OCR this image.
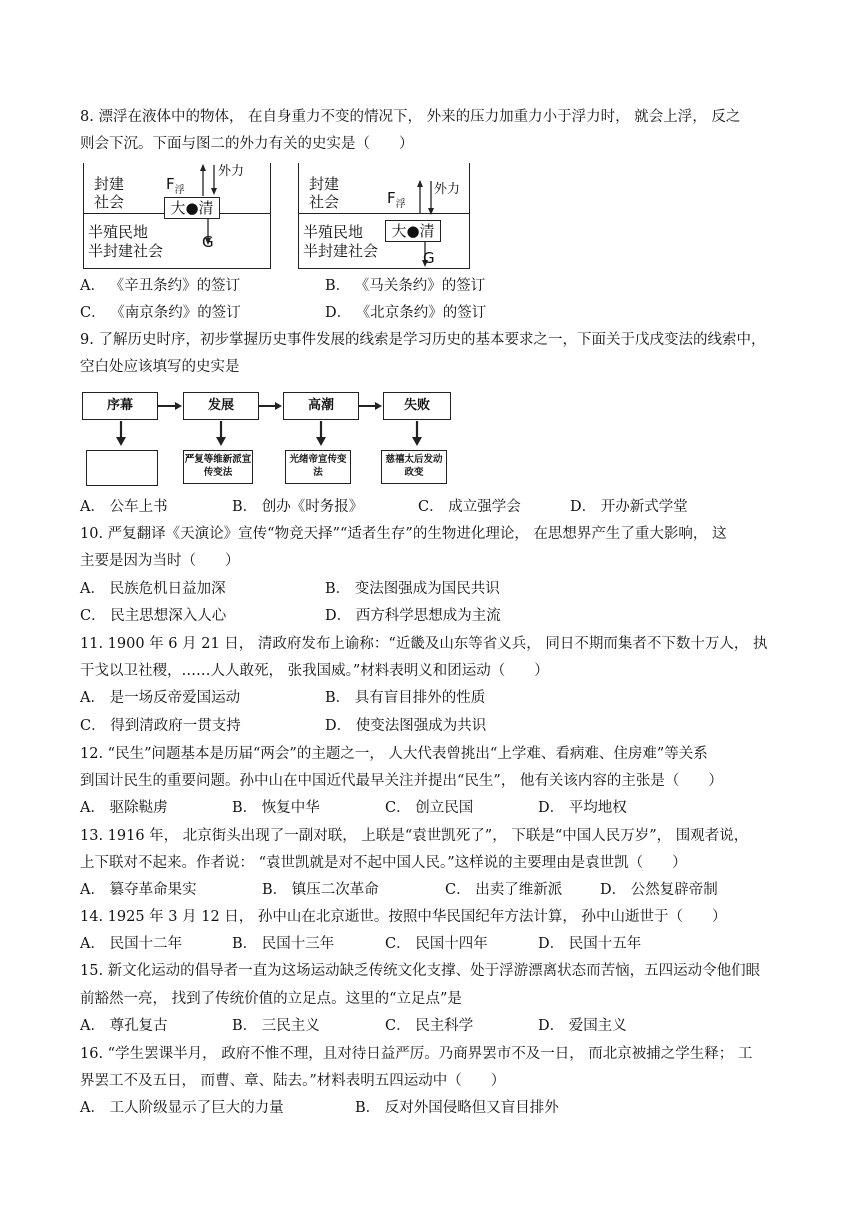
8. 漂浮在液体中的物体， 在自身重力不变的情况下， 外来的压力加重力小于浮力时， 就会上浮， 反之
则会下沉。下面与图二的外力有关的史实是（　　）
封建
社会
半殖民地
半封建社会
$F_浮$
外力
大●清
G
封建
社会
半殖民地
半封建社会
$F_浮$
外力
大●清
G
A． 《辛丑条约》的签订	B． 《马关条约》的签订
C． 《南京条约》的签订	D． 《北京条约》的签订
9. 了解历史时序，初步掌握历史事件发展的线索是学习历史的基本要求之一，下面关于戊戌变法的线索中，
空白处应该填写的史实是
序幕	发展	高潮	失败
严复等维新派宣传变法
光绪帝宣传变法
慈禧太后发动政变
A． 公车上书	B． 创办《时务报》	C． 成立强学会	D． 开办新式学堂
10. 严复翻译《天演论》宣传“物竞天择”“适者生存”的生物进化理论， 在思想界产生了重大影响， 这
主要是因为当时（　　）
A． 民族危机日益加深	B． 变法图强成为国民共识
C． 民主思想深入人心	D． 西方科学思想成为主流
11. 1900 年 6 月 21 日， 清政府发布上谕称：“近畿及山东等省义兵， 同日不期而集者不下数十万人， 执
干戈以卫社稷，……人人敢死， 张我国威。”材料表明义和团运动（　　）
A． 是一场反帝爱国运动	B． 具有盲目排外的性质
C． 得到清政府一贯支持	D． 使变法图强成为共识
12. “民生”问题基本是历届“两会”的主题之一， 人大代表曾挑出“上学难、看病难、住房难”等关系
到国计民生的重要问题。孙中山在中国近代最早关注并提出“民生”， 他有关该内容的主张是（　　）
A． 驱除鞑虏	B． 恢复中华	C． 创立民国	D． 平均地权
13. 1916 年， 北京街头出现了一副对联， 上联是“袁世凯死了”， 下联是“中国人民万岁”， 围观者说，
上下联对不起来。作者说： “袁世凯就是对不起中国人民。”这样说的主要理由是袁世凯（　　）
A． 篡夺革命果实	B． 镇压二次革命	C． 出卖了维新派	D． 公然复辟帝制
14. 1925 年 3 月 12 日， 孙中山在北京逝世。按照中华民国纪年方法计算， 孙中山逝世于（　　）
A． 民国十二年	B． 民国十三年	C． 民国十四年	D． 民国十五年
15. 新文化运动的倡导者一直为这场运动缺乏传统文化支撑、处于浮游漂离状态而苦恼，五四运动令他们眼
前豁然一亮， 找到了传统价值的立足点。这里的“立足点”是
A． 尊孔复古	B． 三民主义	C． 民主科学	D． 爱国主义
16. “学生罢课半月， 政府不惟不理，且对待日益严厉。乃商界罢市不及一日， 而北京被捕之学生释； 工
界罢工不及五日， 而曹、章、陆去。”材料表明五四运动中（　　）
A． 工人阶级显示了巨大的力量	B． 反对外国侵略但又盲目排外
